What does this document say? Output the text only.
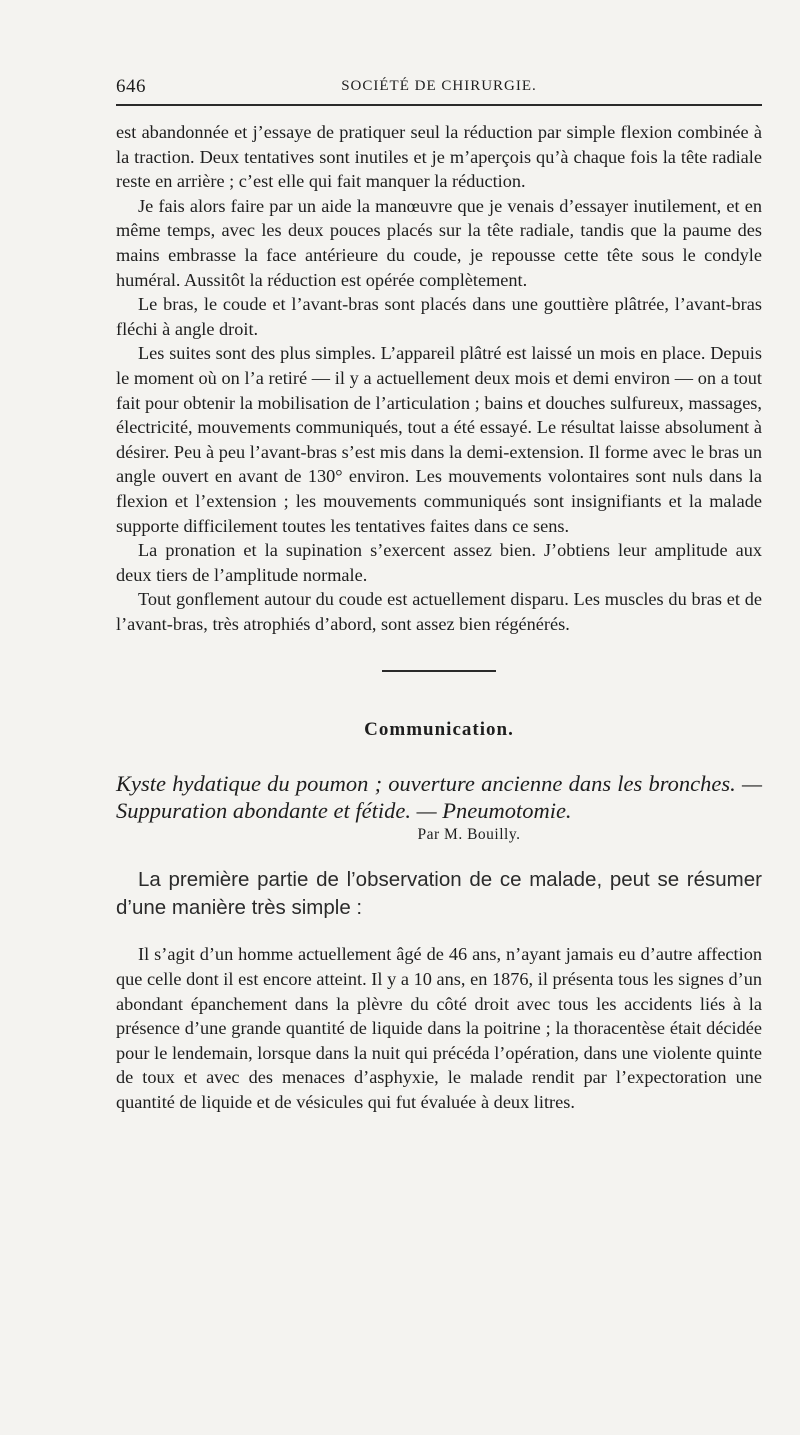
646	SOCIÉTÉ DE CHIRURGIE.

est abandonnée et j’essaye de pratiquer seul la réduction par simple flexion combinée à la traction. Deux tentatives sont inutiles et je m’aperçois qu’à chaque fois la tête radiale reste en arrière ; c’est elle qui fait manquer la réduction.

Je fais alors faire par un aide la manœuvre que je venais d’essayer inutilement, et en même temps, avec les deux pouces placés sur la tête radiale, tandis que la paume des mains embrasse la face antérieure du coude, je repousse cette tête sous le condyle huméral. Aussitôt la réduction est opérée complètement.

Le bras, le coude et l’avant-bras sont placés dans une gouttière plâtrée, l’avant-bras fléchi à angle droit.

Les suites sont des plus simples. L’appareil plâtré est laissé un mois en place. Depuis le moment où on l’a retiré — il y a actuellement deux mois et demi environ — on a tout fait pour obtenir la mobilisation de l’articulation ; bains et douches sulfureux, massages, électricité, mouvements communiqués, tout a été essayé. Le résultat laisse absolument à désirer. Peu à peu l’avant-bras s’est mis dans la demi-extension. Il forme avec le bras un angle ouvert en avant de 130° environ. Les mouvements volontaires sont nuls dans la flexion et l’extension ; les mouvements communiqués sont insignifiants et la malade supporte difficilement toutes les tentatives faites dans ce sens.

La pronation et la supination s’exercent assez bien. J’obtiens leur amplitude aux deux tiers de l’amplitude normale.

Tout gonflement autour du coude est actuellement disparu. Les muscles du bras et de l’avant-bras, très atrophiés d’abord, sont assez bien régénérés.

Communication.

Kyste hydatique du poumon ; ouverture ancienne dans les bronches. — Suppuration abondante et fétide. — Pneumotomie.

Par M. Bouilly.

La première partie de l’observation de ce malade, peut se résumer d’une manière très simple :

Il s’agit d’un homme actuellement âgé de 46 ans, n’ayant jamais eu d’autre affection que celle dont il est encore atteint. Il y a 10 ans, en 1876, il présenta tous les signes d’un abondant épanchement dans la plèvre du côté droit avec tous les accidents liés à la présence d’une grande quantité de liquide dans la poitrine ; la thoracentèse était décidée pour le lendemain, lorsque dans la nuit qui précéda l’opération, dans une violente quinte de toux et avec des menaces d’asphyxie, le malade rendit par l’expectoration une quantité de liquide et de vésicules qui fut évaluée à deux litres.
